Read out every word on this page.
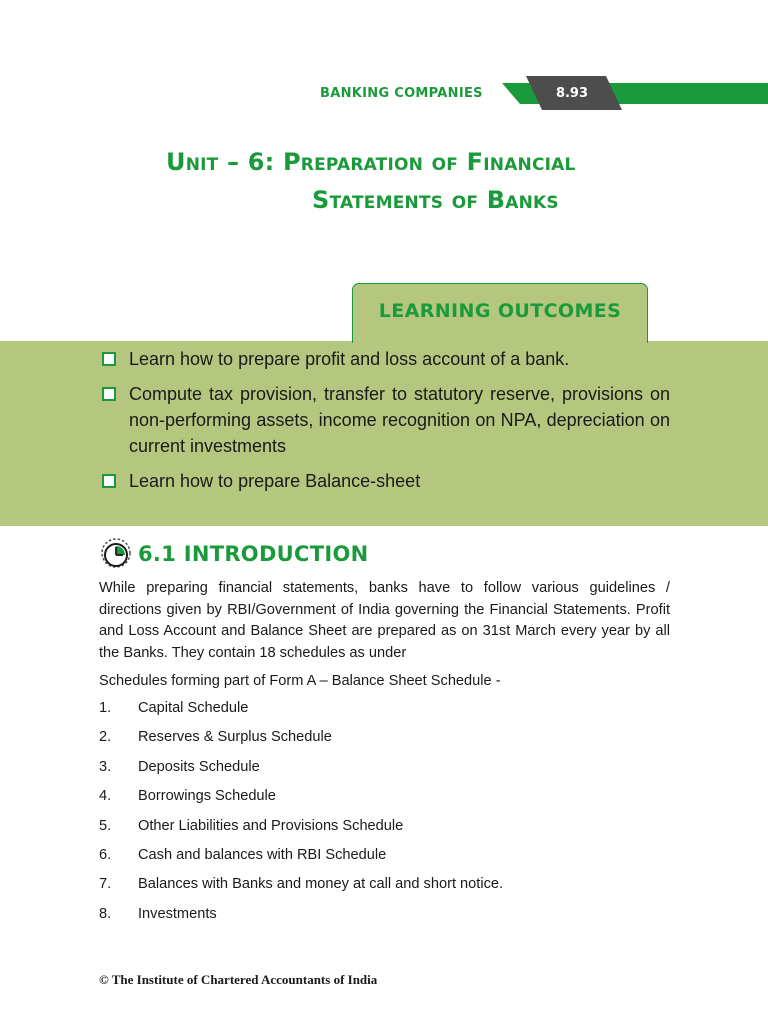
BANKING COMPANIES	8.93
Unit – 6: Preparation of Financial
Statements of Banks
LEARNING OUTCOMES
Learn how to prepare profit and loss account of a bank.
Compute tax provision, transfer to statutory reserve, provisions on non-performing assets, income recognition on NPA, depreciation on current investments
Learn how to prepare Balance-sheet
6.1 INTRODUCTION
While preparing financial statements, banks have to follow various guidelines / directions given by RBI/Government of India governing the Financial Statements. Profit and Loss Account and Balance Sheet are prepared as on 31st March every year by all the Banks. They contain 18 schedules as under
Schedules forming part of Form A – Balance Sheet Schedule -
1. Capital Schedule
2. Reserves & Surplus Schedule
3. Deposits Schedule
4. Borrowings Schedule
5. Other Liabilities and Provisions Schedule
6. Cash and balances with RBI Schedule
7. Balances with Banks and money at call and short notice.
8. Investments
© The Institute of Chartered Accountants of India
